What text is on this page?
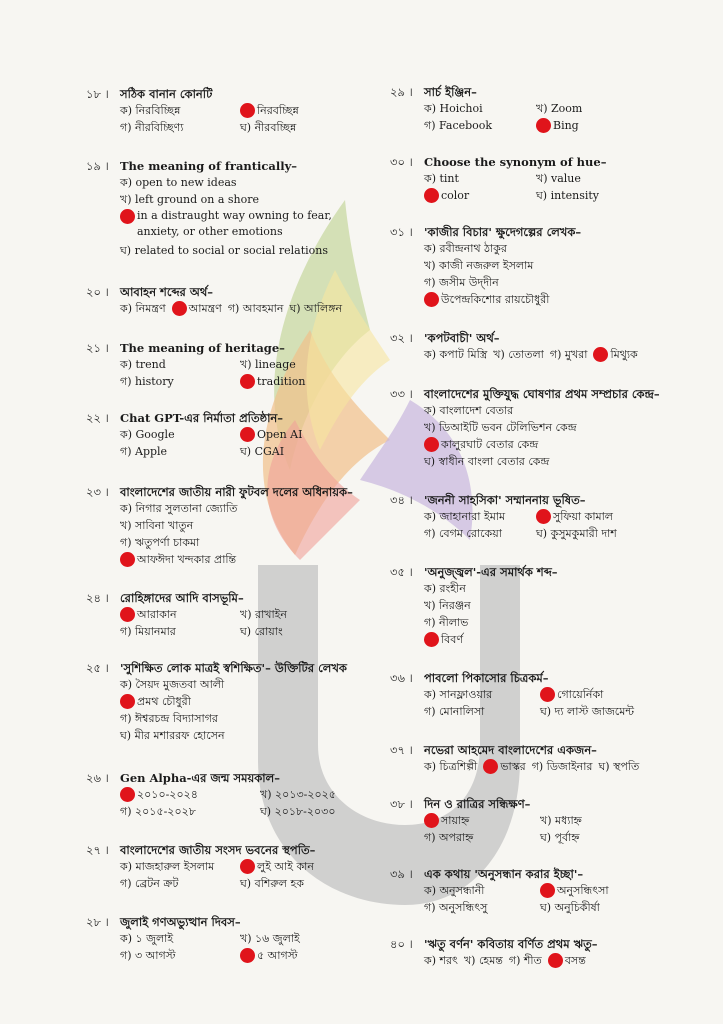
১৮ । সঠিক বানান কোনটি
ক) নিরবিচ্ছিন্ন	নিরবচ্ছিন্ন
গ) নীরবিচ্ছিণ্য	ঘ) নীরবচ্ছিন্ন
১৯ । The meaning of frantically–
ক) open to new ideas
খ) left ground on a shore
in a distraught way owning to fear, anxiety, or other emotions
ঘ) related to social or social relations
২০ । আবাহন শব্দের অর্থ–
ক) নিমন্ত্রণ আমন্ত্রণ গ) আবহমান ঘ) আলিঙ্গন
২১ । The meaning of heritage–
ক) trend	খ) lineage
গ) history	tradition
২২ । Chat GPT-এর নির্মাতা প্রতিষ্ঠান–
ক) Google	Open AI
গ) Apple	ঘ) CGAI
২৩ । বাংলাদেশের জাতীয় নারী ফুটবল দলের অধিনায়ক–
ক) নিগার সুলতানা জ্যোতি
খ) সাবিনা খাতুন
গ) ঋতুপর্ণা চাকমা
আফঈদা খন্দকার প্রান্তি
২৪ । রোহিঙ্গাদের আদি বাসভূমি–
আরাকান	খ) রাখাইন
গ) মিয়ানমার	ঘ) রোয়াং
২৫ । 'সুশিক্ষিত লোক মাত্রই স্বশিক্ষিত'– উক্তিটির লেখক
ক) সৈয়দ মুজতবা আলী
প্রমথ চৌধুরী
গ) ঈশ্বরচন্দ্র বিদ্যাসাগর
ঘ) মীর মশাররফ হোসেন
২৬ । Gen Alpha-এর জন্ম সময়কাল–
২০১০-২০২৪	খ) ২০১৩-২০২৫
গ) ২০১৫-২০২৮	ঘ) ২০১৮-২০৩০
২৭ । বাংলাদেশের জাতীয় সংসদ ভবনের স্থপতি–
ক) মাজহারুল ইসলাম	লুই আই কান
গ) ব্রেটন ক্রট	ঘ) বশিরুল হক
২৮ । জুলাই গণঅভ্যুত্থান দিবস–
ক) ১ জুলাই	খ) ১৬ জুলাই
গ) ৩ আগস্ট	৫ আগস্ট
২৯ । সার্চ ইঞ্জিন–
ক) Hoichoi	খ) Zoom
গ) Facebook	Bing
৩০ । Choose the synonym of hue–
ক) tint	খ) value
color	ঘ) intensity
৩১ । 'কাজীর বিচার' ক্ষুদেগল্পের লেখক–
ক) রবীন্দ্রনাথ ঠাকুর
খ) কাজী নজরুল ইসলাম
গ) জসীম উদ্‌দীন
উপেন্দ্রকিশোর রায়চৌধুরী
৩২ । 'কপটবাচী' অর্থ–
ক) কপাট মিস্ত্রি খ) তোতলা গ) মুখরা মিথ্যুক
৩৩ । বাংলাদেশের মুক্তিযুদ্ধ ঘোষণার প্রথম সম্প্রচার কেন্দ্র–
ক) বাংলাদেশ বেতার
খ) ডিআইটি ভবন টেলিভিশন কেন্দ্র
কালুরঘাট বেতার কেন্দ্র
ঘ) স্বাধীন বাংলা বেতার কেন্দ্র
৩৪ । 'জননী সাহসিকা' সম্মাননায় ভূষিত–
ক) জাহানারা ইমাম	সুফিয়া কামাল
গ) বেগম রোকেয়া	ঘ) কুসুমকুমারী দাশ
৩৫ । 'অনুজ্জ্বল'-এর সমার্থক শব্দ–
ক) রংহীন
খ) নিরঞ্জন
গ) নীলাভ
বিবর্ণ
৩৬ । পাবলো পিকাসোর চিত্রকর্ম–
ক) সানফ্লাওয়ার	গোয়ের্নিকা
গ) মোনালিসা	ঘ) দ্য লাস্ট জাজমেন্ট
৩৭ । নভেরা আহমেদ বাংলাদেশের একজন–
ক) চিত্রশিল্পী ভাস্কর গ) ডিজাইনার ঘ) স্থপতি
৩৮ । দিন ও রাত্রির সন্ধিক্ষণ–
সায়াহ্ন	খ) মধ্যাহ্ন
গ) অপরাহ্ন	ঘ) পূর্বাহ্ন
৩৯ । এক কথায় 'অনুসন্ধান করার ইচ্ছা'–
ক) অনুসন্ধানী	অনুসন্ধিৎসা
গ) অনুসন্ধিৎসু	ঘ) অনুচিকীর্ষা
৪০ । 'ঋতু বর্ণন' কবিতায় বর্ণিত প্রথম ঋতু–
ক) শরৎ খ) হেমন্ত গ) শীত বসন্ত
